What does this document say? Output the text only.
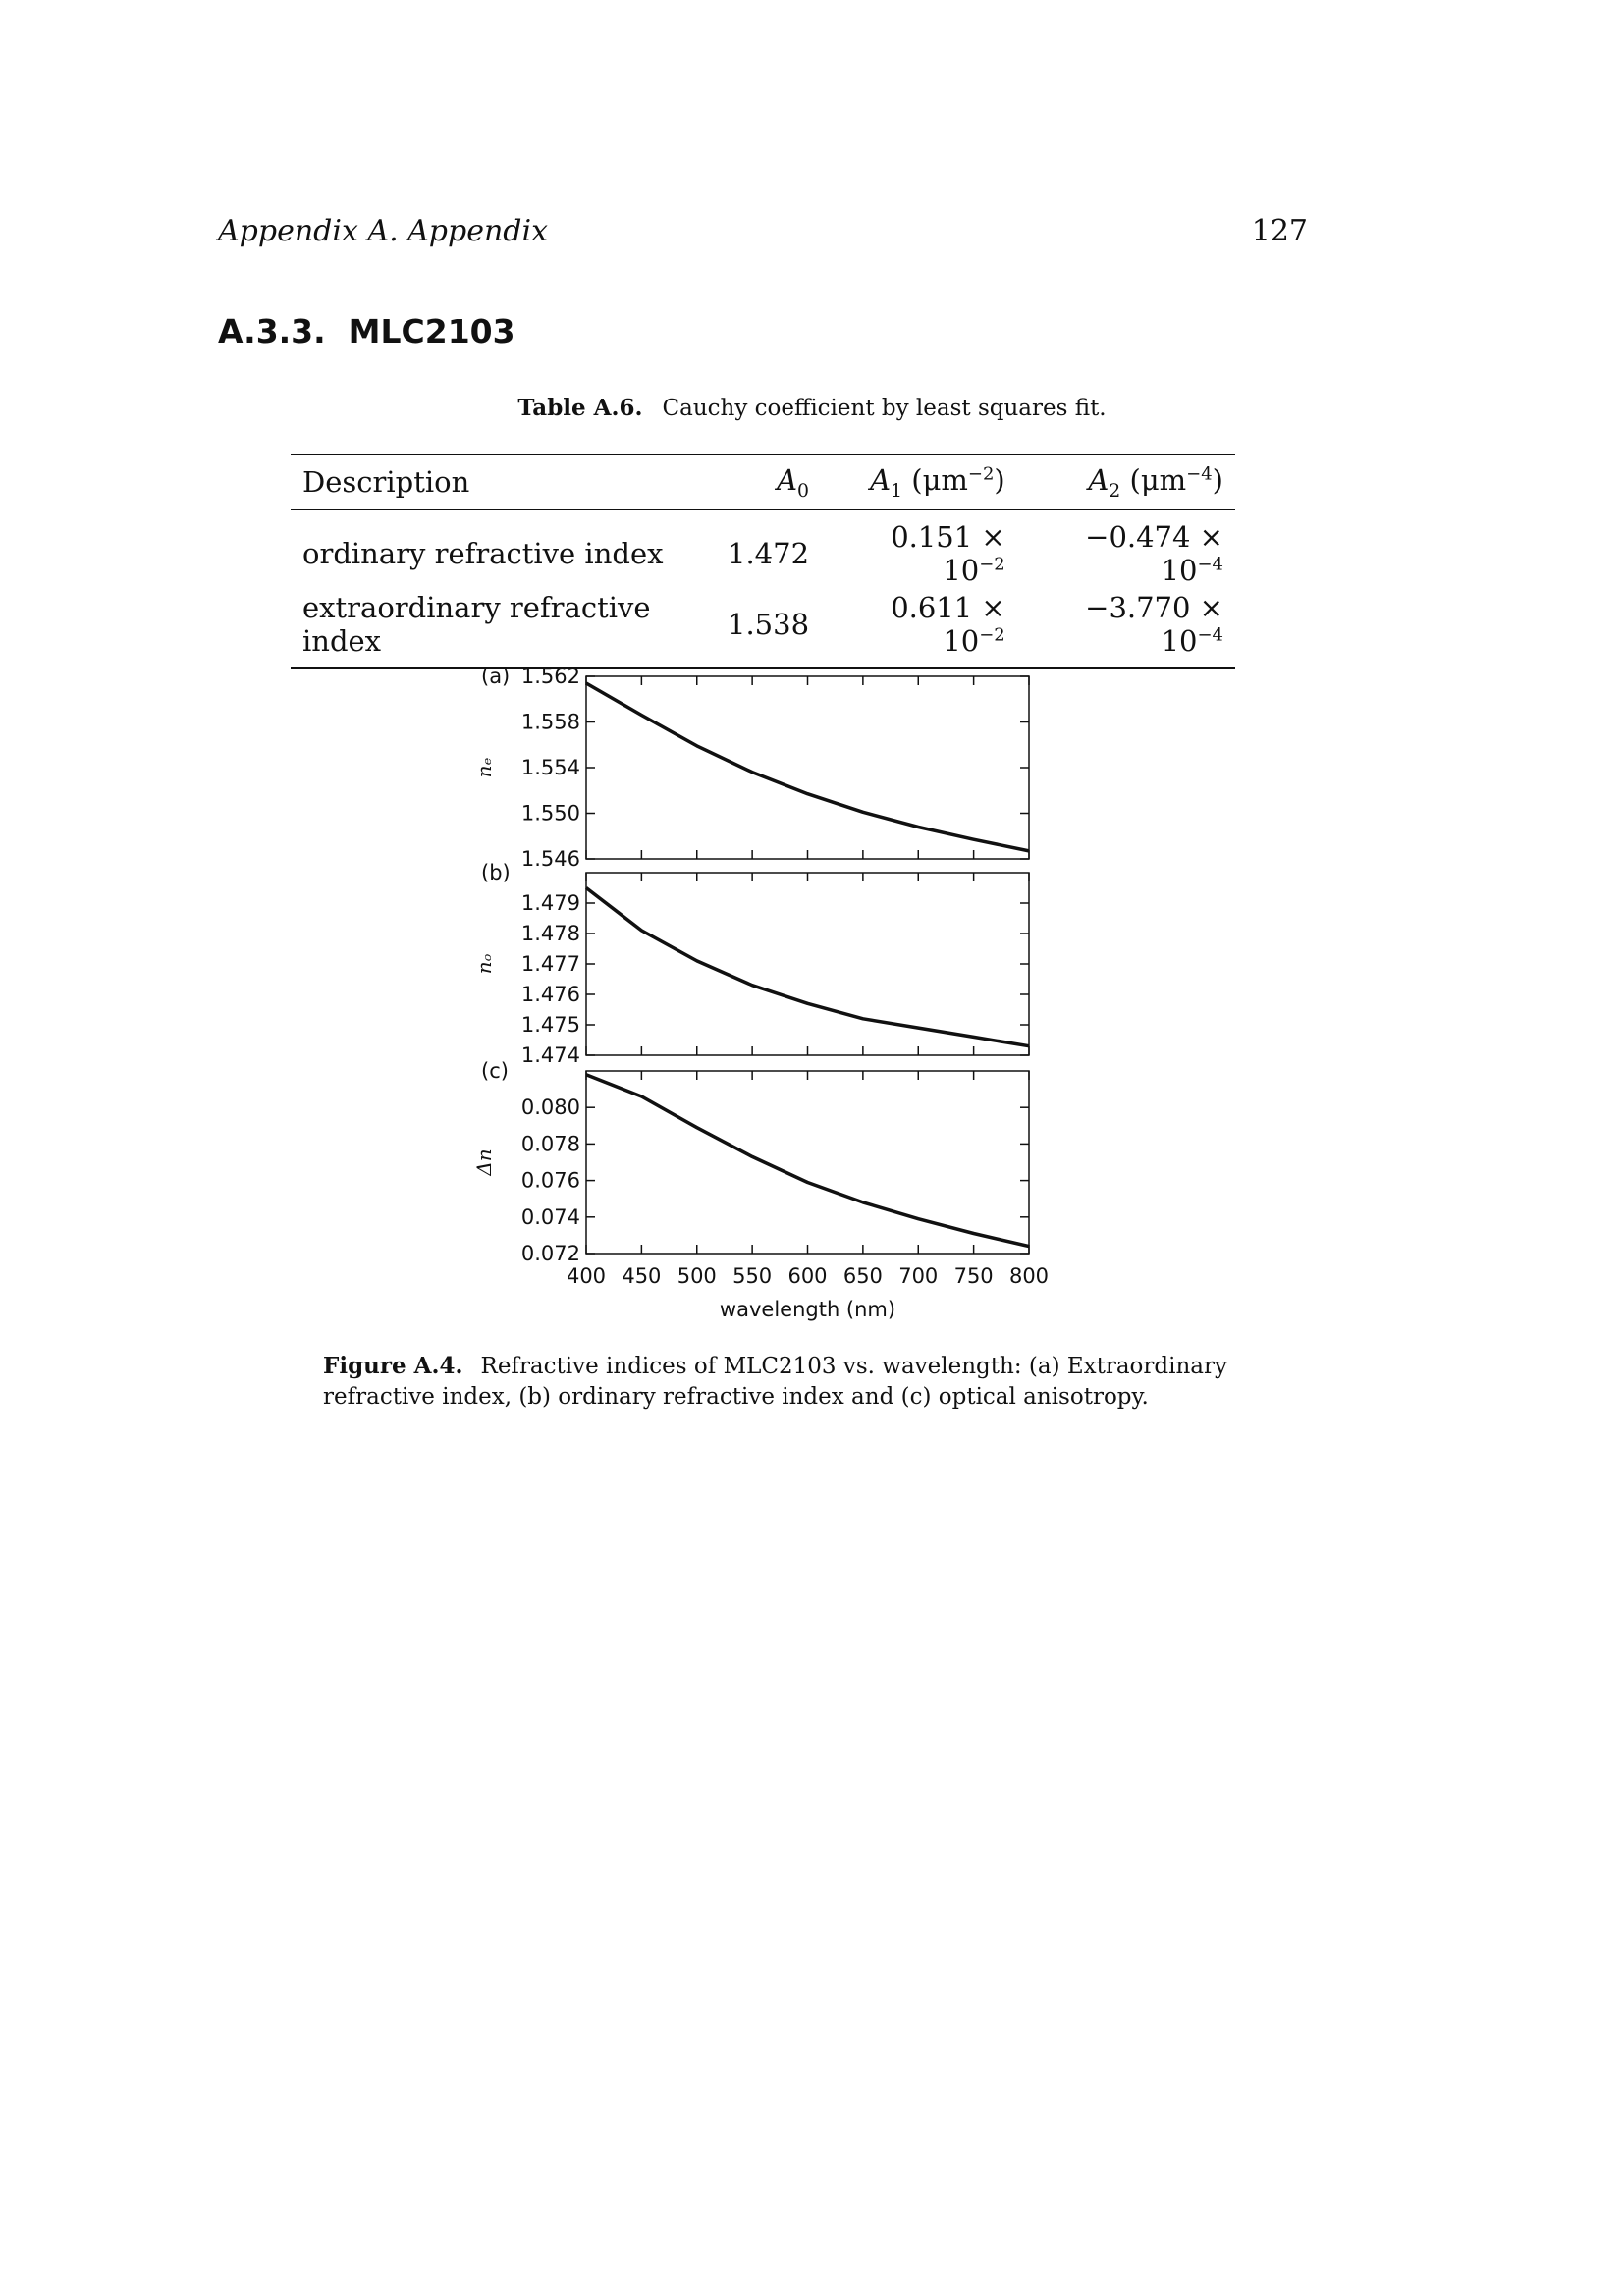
Appendix A. Appendix	127
A.3.3. MLC2103
Table A.6. Cauchy coefficient by least squares fit.
Description	$A_0$	$A_1$ $(\mu m^{-2})$	$A_2$ $(\mu m^{-4})$
ordinary refractive index	1.472	$0.151 \times 10^{-2}$	$-0.474 \times 10^{-4}$
extraordinary refractive index	1.538	$0.611 \times 10^{-2}$	$-3.770 \times 10^{-4}$
1.562
1.558
1.554
1.550
1.546
(a)
nₑ
1.479
1.478
1.477
1.476
1.475
1.474
(b)
nₒ
0.080
0.078
0.076
0.074
0.072
(c)
Δn
400 450 500 550 600 650 700 750 800
wavelength (nm)
Figure A.4. Refractive indices of MLC2103 vs. wavelength: (a) Extraordinary refractive index, (b) ordinary refractive index and (c) optical anisotropy.
